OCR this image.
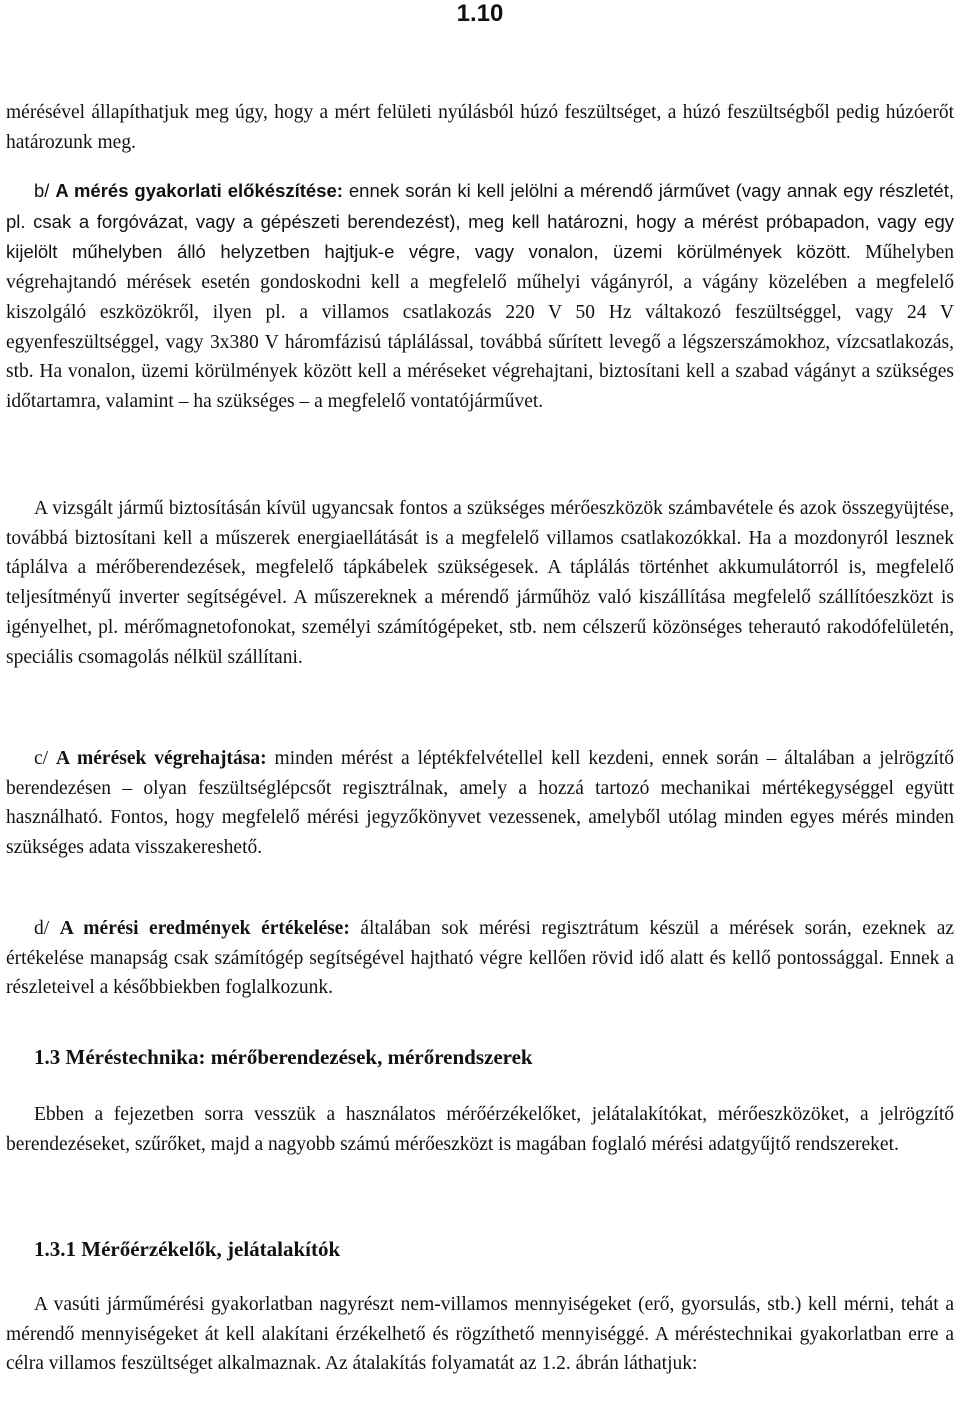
1.10

mérésével állapíthatjuk meg úgy, hogy a mért felületi nyúlásból húzó feszültséget, a húzó feszültségből pedig húzóerőt határozunk meg.

b/ A mérés gyakorlati előkészítése: ennek során ki kell jelölni a mérendő járművet (vagy annak egy részletét, pl. csak a forgóvázat, vagy a gépészeti berendezést), meg kell határozni, hogy a mérést próbapadon, vagy egy kijelölt műhelyben álló helyzetben hajtjuk-e végre, vagy vonalon, üzemi körülmények között. Műhelyben végrehajtandó mérések esetén gondoskodni kell a megfelelő műhelyi vágányról, a vágány közelében a megfelelő kiszolgáló eszközökről, ilyen pl. a villamos csatlakozás 220 V 50 Hz váltakozó feszültséggel, vagy 24 V egyenfeszültséggel, vagy 3x380 V háromfázisú táplálással, továbbá sűrített levegő a légszerszámokhoz, vízcsatlakozás, stb. Ha vonalon, üzemi körülmények között kell a méréseket végrehajtani, biztosítani kell a szabad vágányt a szükséges időtartamra, valamint – ha szükséges – a megfelelő vontatójárművet.

A vizsgált jármű biztosításán kívül ugyancsak fontos a szükséges mérőeszközök számbavétele és azok összegyüjtése, továbbá biztosítani kell a műszerek energiaellátását is a megfelelő villamos csatlakozókkal. Ha a mozdonyról lesznek táplálva a mérőberendezések, megfelelő tápkábelek szükségesek. A táplálás történhet akkumulátorról is, megfelelő teljesítményű inverter segítségével. A műszereknek a mérendő járműhöz való kiszállítása megfelelő szállítóeszközt is igényelhet, pl. mérőmagnetofonokat, személyi számítógépeket, stb. nem célszerű közönséges teherautó rakodófelületén, speciális csomagolás nélkül szállítani.

c/ A mérések végrehajtása: minden mérést a léptékfelvétellel kell kezdeni, ennek során – általában a jelrögzítő berendezésen – olyan feszültséglépcsőt regisztrálnak, amely a hozzá tartozó mechanikai mértékegységgel együtt használható. Fontos, hogy megfelelő mérési jegyzőkönyvet vezessenek, amelyből utólag minden egyes mérés minden szükséges adata visszakereshető.

d/ A mérési eredmények értékelése: általában sok mérési regisztrátum készül a mérések során, ezeknek az értékelése manapság csak számítógép segítségével hajtható végre kellően rövid idő alatt és kellő pontossággal. Ennek a részleteivel a későbbiekben foglalkozunk.

1.3 Méréstechnika: mérőberendezések, mérőrendszerek

Ebben a fejezetben sorra vesszük a használatos mérőérzékelőket, jelátalakítókat, mérőeszközöket, a jelrögzítő berendezéseket, szűrőket, majd a nagyobb számú mérőeszközt is magában foglaló mérési adatgyűjtő rendszereket.

1.3.1 Mérőérzékelők, jelátalakítók

A vasúti járműmérési gyakorlatban nagyrészt nem-villamos mennyiségeket (erő, gyorsulás, stb.) kell mérni, tehát a mérendő mennyiségeket át kell alakítani érzékelhető és rögzíthető mennyiséggé. A méréstechnikai gyakorlatban erre a célra villamos feszültséget alkalmaznak. Az átalakítás folyamatát az 1.2. ábrán láthatjuk:
